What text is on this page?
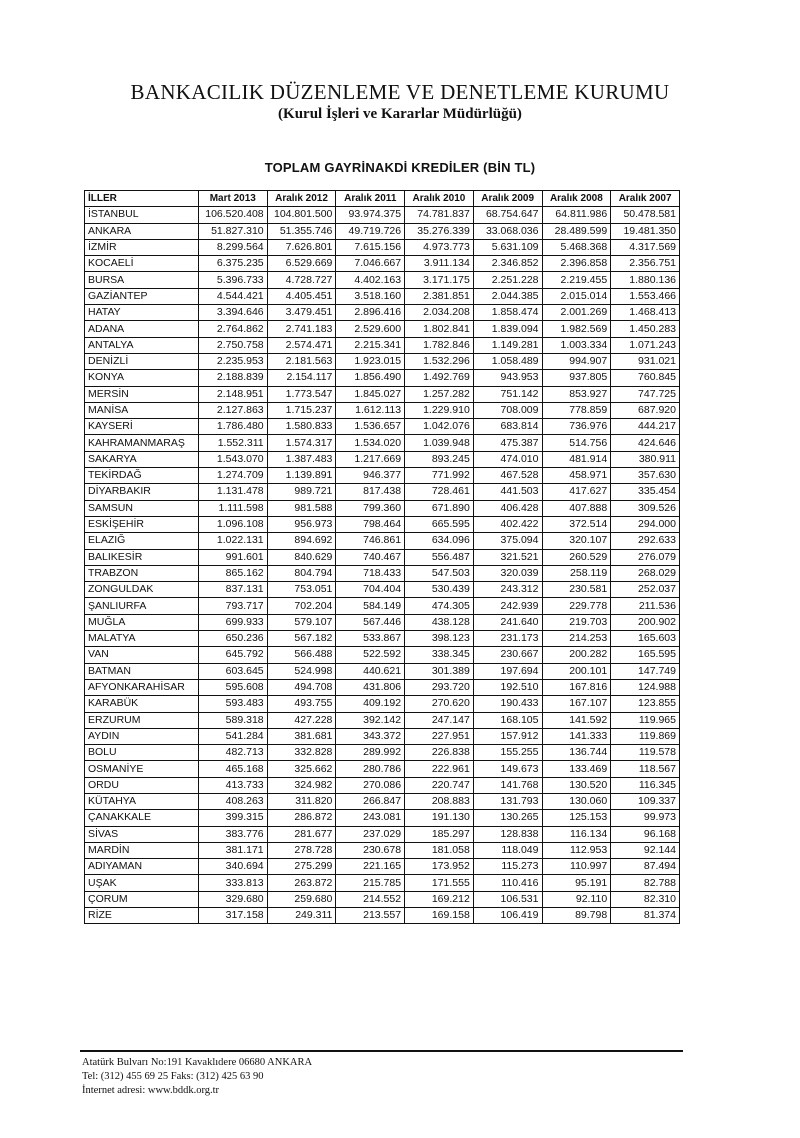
BANKACILIK DÜZENLEME VE DENETLEME KURUMU
(Kurul İşleri ve Kararlar Müdürlüğü)
TOPLAM GAYRİNAKDİ KREDİLER (BİN TL)
İLLER	Mart 2013	Aralık 2012	Aralık 2011	Aralık 2010	Aralık 2009	Aralık 2008	Aralık 2007
İSTANBUL	106.520.408	104.801.500	93.974.375	74.781.837	68.754.647	64.811.986	50.478.581
ANKARA	51.827.310	51.355.746	49.719.726	35.276.339	33.068.036	28.489.599	19.481.350
İZMİR	8.299.564	7.626.801	7.615.156	4.973.773	5.631.109	5.468.368	4.317.569
KOCAELİ	6.375.235	6.529.669	7.046.667	3.911.134	2.346.852	2.396.858	2.356.751
BURSA	5.396.733	4.728.727	4.402.163	3.171.175	2.251.228	2.219.455	1.880.136
GAZİANTEP	4.544.421	4.405.451	3.518.160	2.381.851	2.044.385	2.015.014	1.553.466
HATAY	3.394.646	3.479.451	2.896.416	2.034.208	1.858.474	2.001.269	1.468.413
ADANA	2.764.862	2.741.183	2.529.600	1.802.841	1.839.094	1.982.569	1.450.283
ANTALYA	2.750.758	2.574.471	2.215.341	1.782.846	1.149.281	1.003.334	1.071.243
DENİZLİ	2.235.953	2.181.563	1.923.015	1.532.296	1.058.489	994.907	931.021
KONYA	2.188.839	2.154.117	1.856.490	1.492.769	943.953	937.805	760.845
MERSİN	2.148.951	1.773.547	1.845.027	1.257.282	751.142	853.927	747.725
MANİSA	2.127.863	1.715.237	1.612.113	1.229.910	708.009	778.859	687.920
KAYSERİ	1.786.480	1.580.833	1.536.657	1.042.076	683.814	736.976	444.217
KAHRAMANMARAŞ	1.552.311	1.574.317	1.534.020	1.039.948	475.387	514.756	424.646
SAKARYA	1.543.070	1.387.483	1.217.669	893.245	474.010	481.914	380.911
TEKİRDAĞ	1.274.709	1.139.891	946.377	771.992	467.528	458.971	357.630
DİYARBAKIR	1.131.478	989.721	817.438	728.461	441.503	417.627	335.454
SAMSUN	1.111.598	981.588	799.360	671.890	406.428	407.888	309.526
ESKİŞEHİR	1.096.108	956.973	798.464	665.595	402.422	372.514	294.000
ELAZIĞ	1.022.131	894.692	746.861	634.096	375.094	320.107	292.633
BALIKESİR	991.601	840.629	740.467	556.487	321.521	260.529	276.079
TRABZON	865.162	804.794	718.433	547.503	320.039	258.119	268.029
ZONGULDAK	837.131	753.051	704.404	530.439	243.312	230.581	252.037
ŞANLIURFA	793.717	702.204	584.149	474.305	242.939	229.778	211.536
MUĞLA	699.933	579.107	567.446	438.128	241.640	219.703	200.902
MALATYA	650.236	567.182	533.867	398.123	231.173	214.253	165.603
VAN	645.792	566.488	522.592	338.345	230.667	200.282	165.595
BATMAN	603.645	524.998	440.621	301.389	197.694	200.101	147.749
AFYONKARAHİSAR	595.608	494.708	431.806	293.720	192.510	167.816	124.988
KARABÜK	593.483	493.755	409.192	270.620	190.433	167.107	123.855
ERZURUM	589.318	427.228	392.142	247.147	168.105	141.592	119.965
AYDIN	541.284	381.681	343.372	227.951	157.912	141.333	119.869
BOLU	482.713	332.828	289.992	226.838	155.255	136.744	119.578
OSMANİYE	465.168	325.662	280.786	222.961	149.673	133.469	118.567
ORDU	413.733	324.982	270.086	220.747	141.768	130.520	116.345
KÜTAHYA	408.263	311.820	266.847	208.883	131.793	130.060	109.337
ÇANAKKALE	399.315	286.872	243.081	191.130	130.265	125.153	99.973
SİVAS	383.776	281.677	237.029	185.297	128.838	116.134	96.168
MARDİN	381.171	278.728	230.678	181.058	118.049	112.953	92.144
ADIYAMAN	340.694	275.299	221.165	173.952	115.273	110.997	87.494
UŞAK	333.813	263.872	215.785	171.555	110.416	95.191	82.788
ÇORUM	329.680	259.680	214.552	169.212	106.531	92.110	82.310
RİZE	317.158	249.311	213.557	169.158	106.419	89.798	81.374
Atatürk Bulvarı No:191 Kavaklıdere 06680 ANKARA
Tel: (312) 455 69 25 Faks: (312) 425 63 90
İnternet adresi: www.bddk.org.tr
